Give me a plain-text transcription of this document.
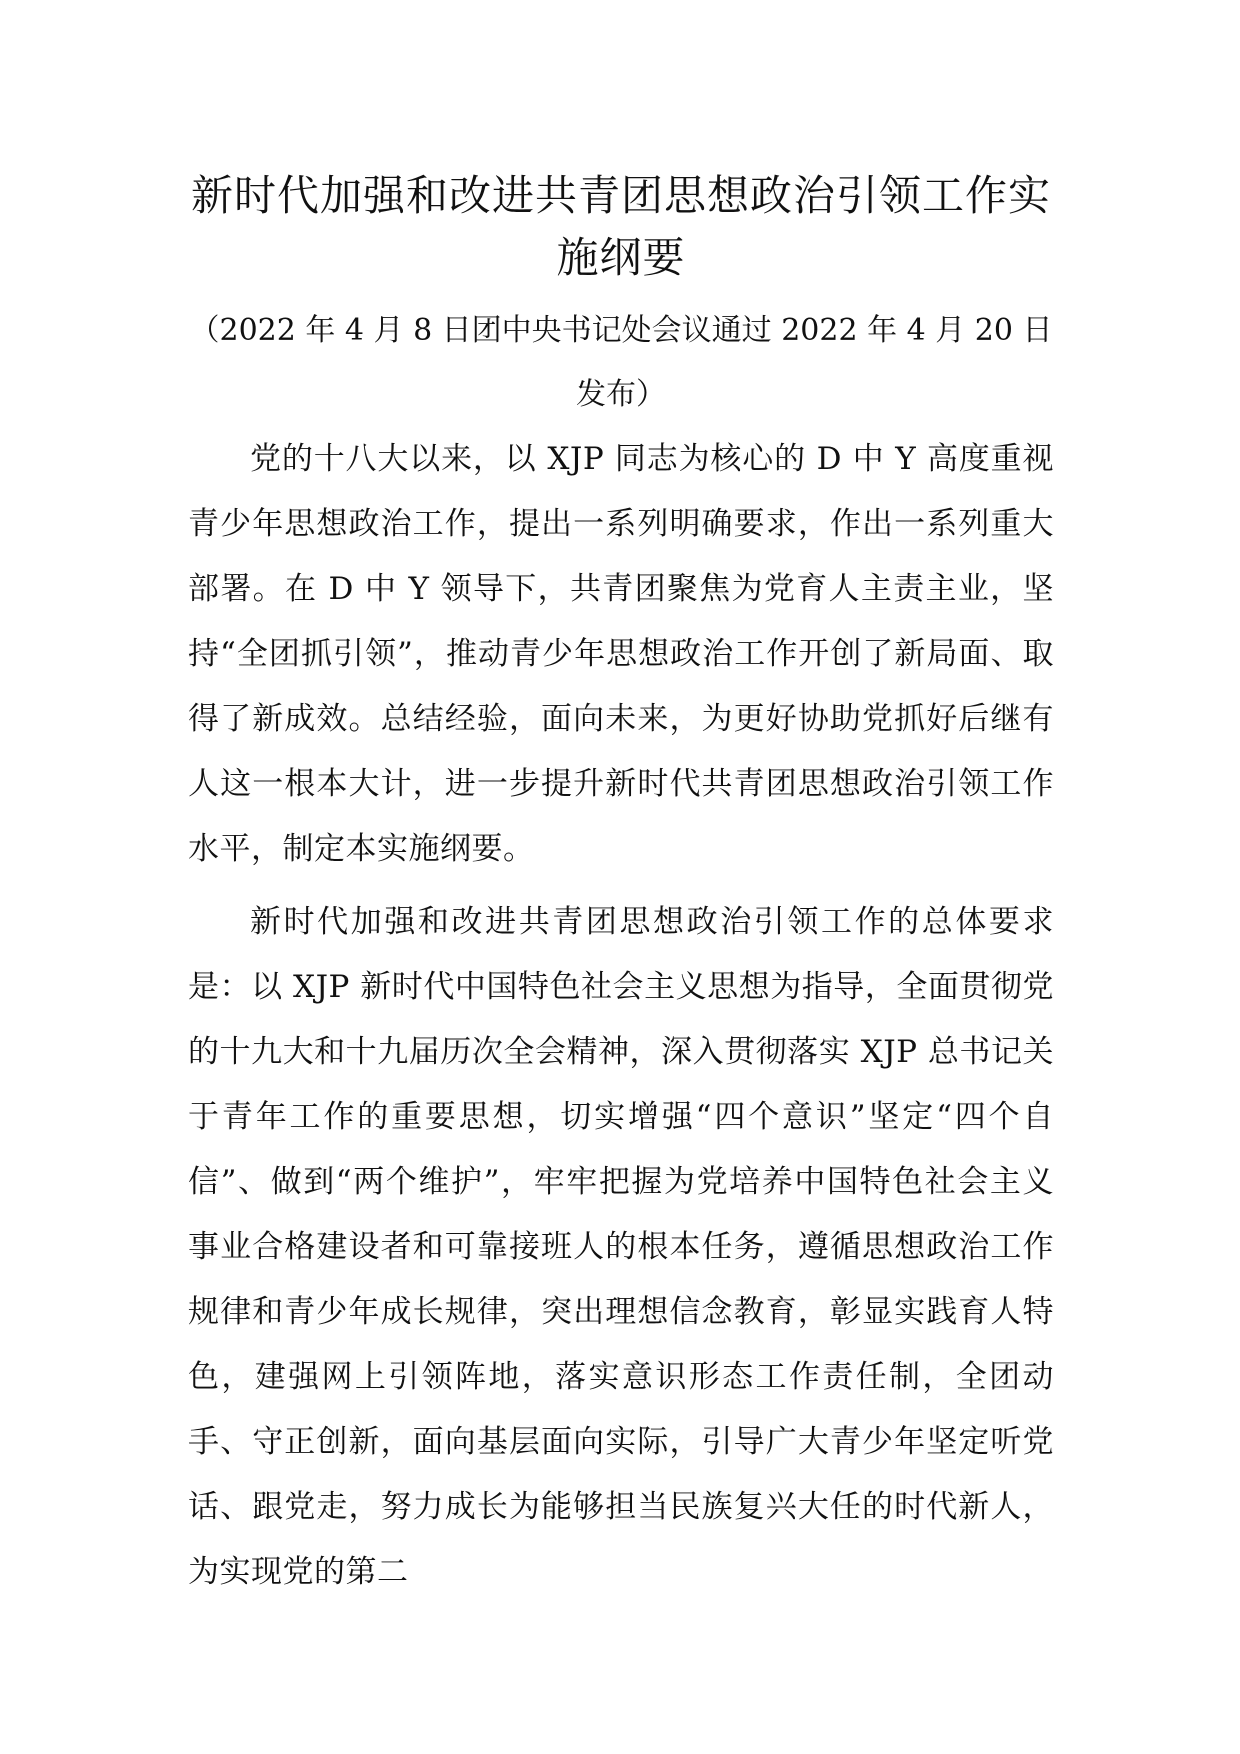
新时代加强和改进共青团思想政治引领工作实施纲要

（2022 年 4 月 8 日团中央书记处会议通过 2022 年 4 月 20 日发布）

党的十八大以来，以 XJP 同志为核心的 D 中 Y 高度重视青少年思想政治工作，提出一系列明确要求，作出一系列重大部署。在 D 中 Y 领导下，共青团聚焦为党育人主责主业，坚持“全团抓引领”，推动青少年思想政治工作开创了新局面、取得了新成效。总结经验，面向未来，为更好协助党抓好后继有人这一根本大计，进一步提升新时代共青团思想政治引领工作水平，制定本实施纲要。

新时代加强和改进共青团思想政治引领工作的总体要求是：以 XJP 新时代中国特色社会主义思想为指导，全面贯彻党的十九大和十九届历次全会精神，深入贯彻落实 XJP 总书记关于青年工作的重要思想，切实增强“四个意识”坚定“四个自信”、做到“两个维护”，牢牢把握为党培养中国特色社会主义事业合格建设者和可靠接班人的根本任务，遵循思想政治工作规律和青少年成长规律，突出理想信念教育，彰显实践育人特色，建强网上引领阵地，落实意识形态工作责任制，全团动手、守正创新，面向基层面向实际，引导广大青少年坚定听党话、跟党走，努力成长为能够担当民族复兴大任的时代新人，为实现党的第二
